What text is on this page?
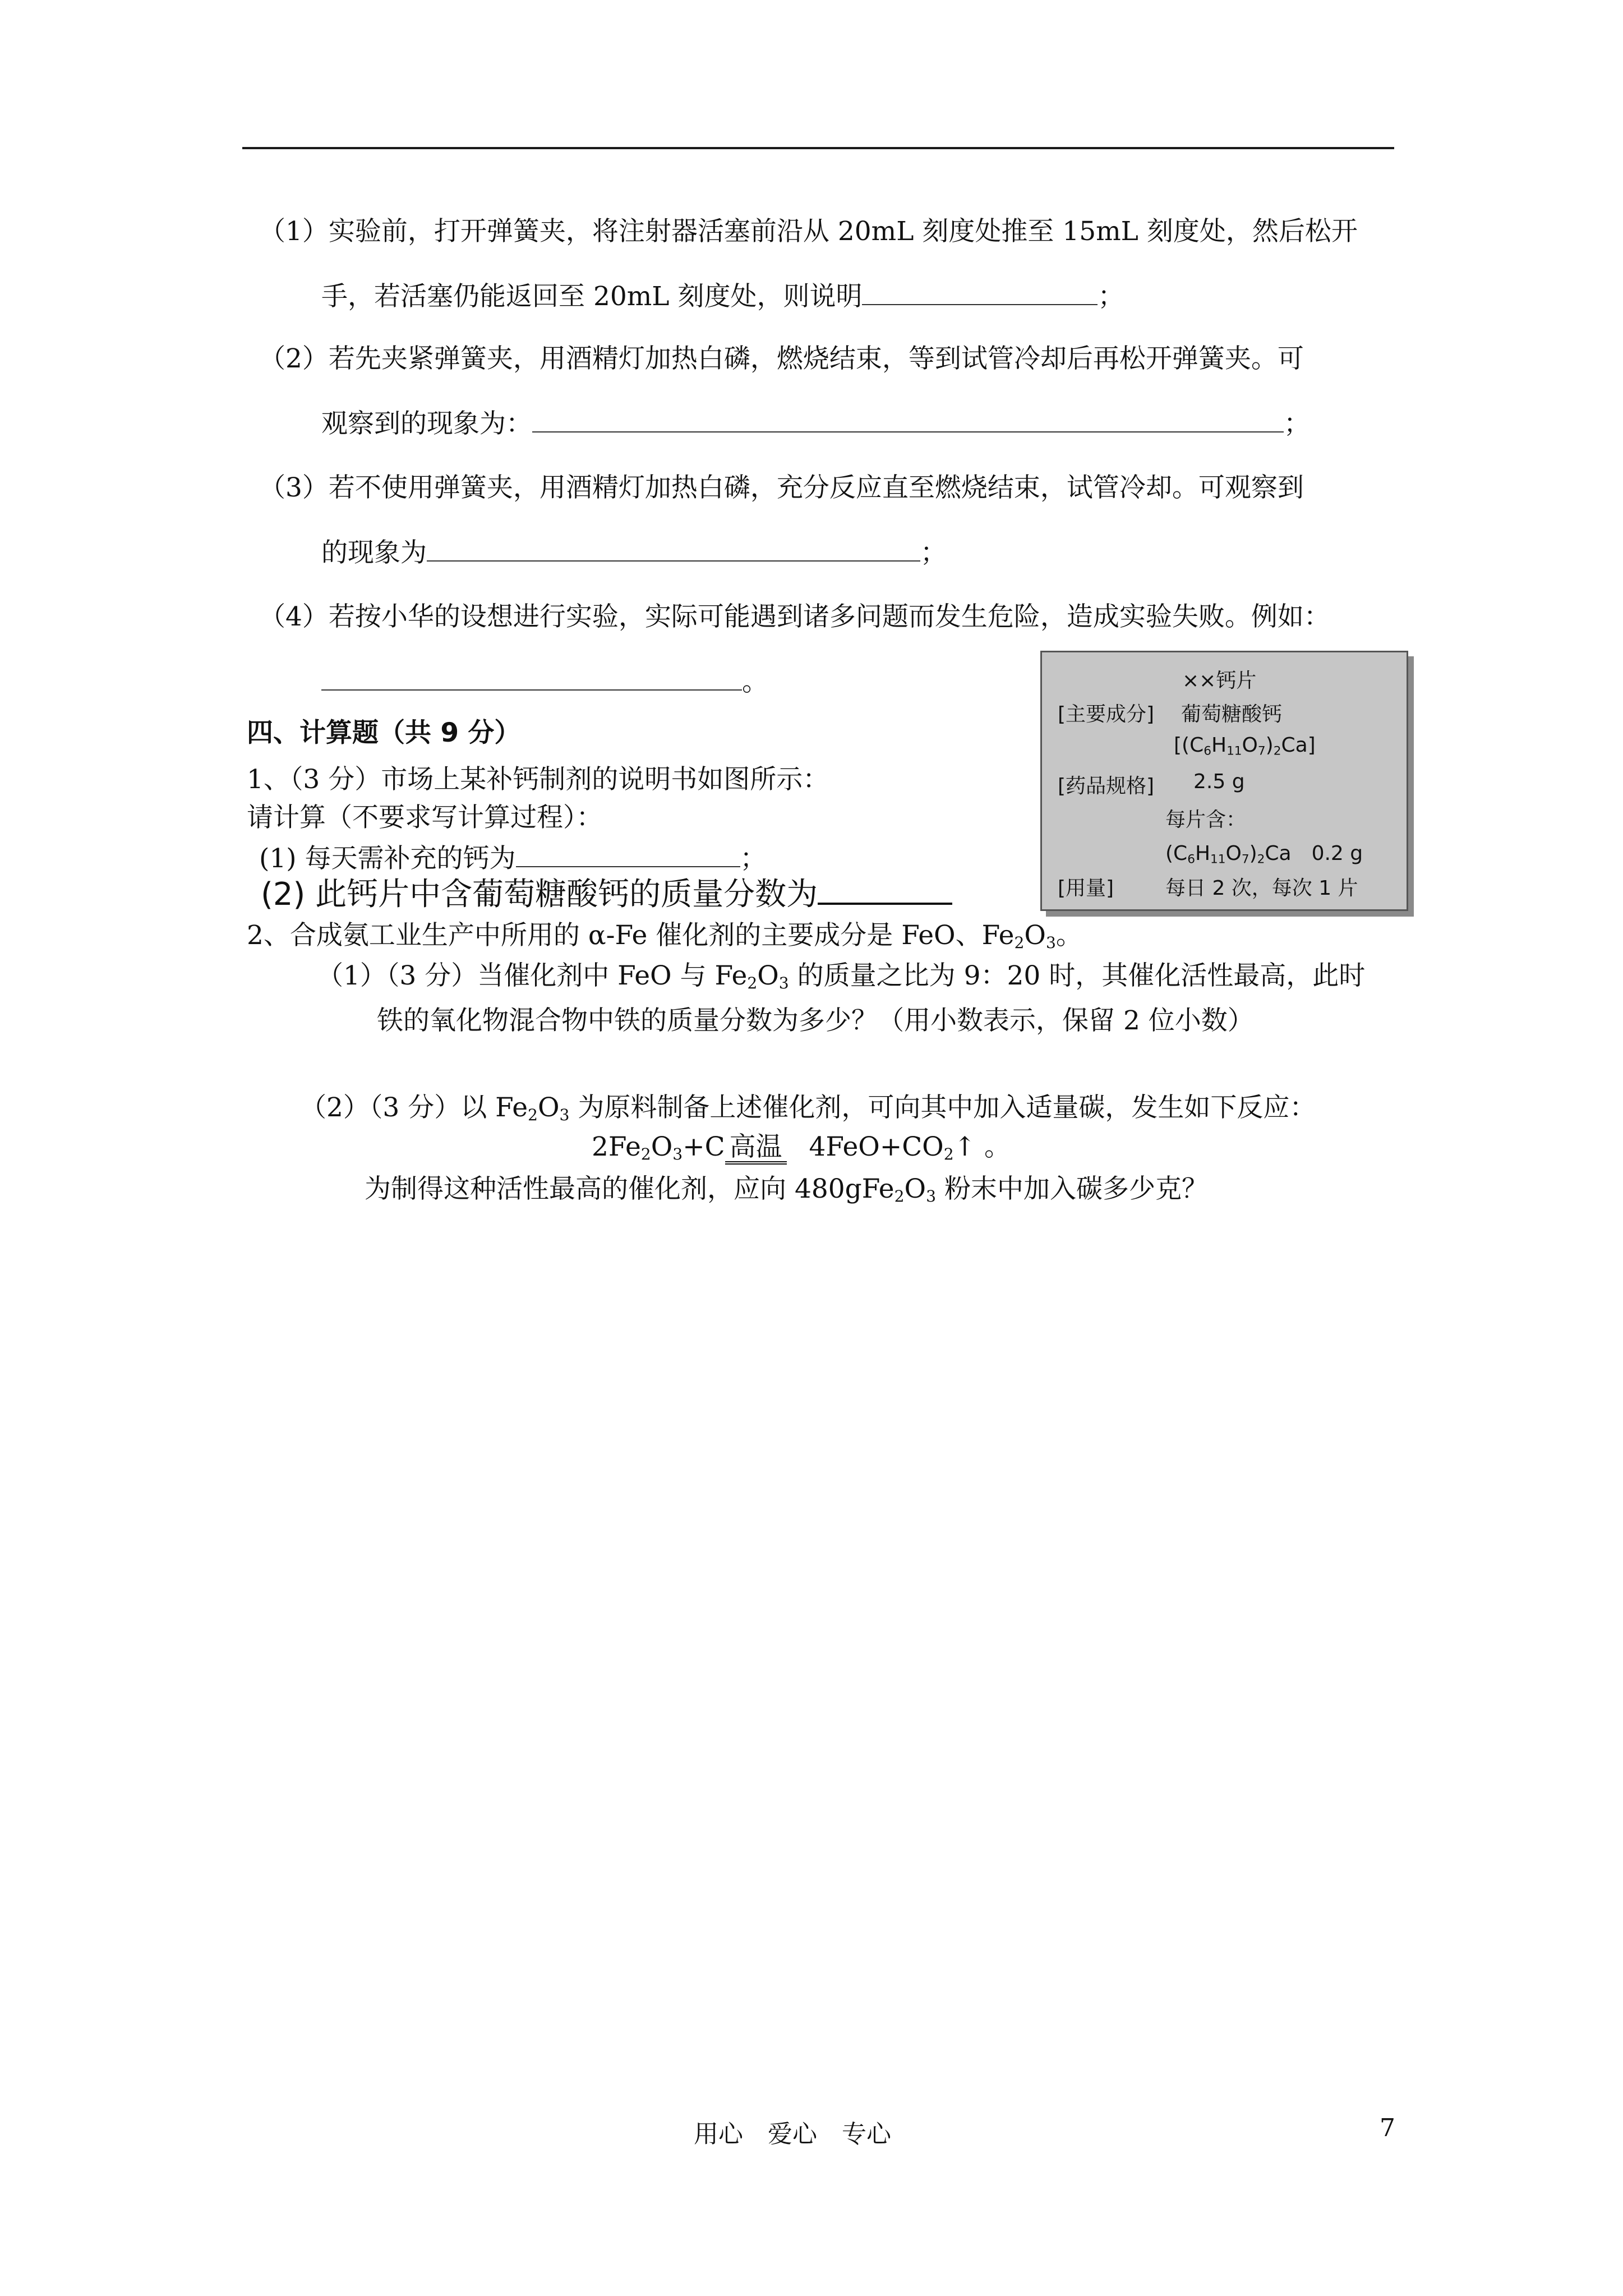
（1）实验前，打开弹簧夹，将注射器活塞前沿从 20mL 刻度处推至 15mL 刻度处，然后松开
手，若活塞仍能返回至 20mL 刻度处，则说明	；
（2）若先夹紧弹簧夹，用酒精灯加热白磷，燃烧结束，等到试管冷却后再松开弹簧夹。可
观察到的现象为：	；
（3）若不使用弹簧夹，用酒精灯加热白磷，充分反应直至燃烧结束，试管冷却。可观察到
的现象为	；
（4）若按小华的设想进行实验，实际可能遇到诸多问题而发生危险，造成实验失败。例如：
。
四、计算题（共 9 分）
1、（3 分）市场上某补钙制剂的说明书如图所示：
请计算（不要求写计算过程）：
(1) 每天需补充的钙为	；
(2) 此钙片中含葡萄糖酸钙的质量分数为
2、合成氨工业生产中所用的 α-Fe 催化剂的主要成分是 FeO、$Fe_2O_3$。
（1）（3 分）当催化剂中 FeO 与 $Fe_2O_3$ 的质量之比为 9：20 时，其催化活性最高，此时
铁的氧化物混合物中铁的质量分数为多少？（用小数表示，保留 2 位小数）
（2）（3 分）以 $Fe_2O_3$ 为原料制备上述催化剂，可向其中加入适量碳，发生如下反应：
$2Fe_2O_3+C$ 高温 $4FeO+CO_2↑$ 。
为制得这种活性最高的催化剂，应向 $480gFe_2O_3$ 粉末中加入碳多少克？
××钙片
[主要成分] 葡萄糖酸钙
$[(C_6H_{11}O_7)_2Ca]$
[药品规格] 2.5 g
每片含：
$(C_6H_{11}O_7)_2Ca$　0.2 g
[用量]	每日 2 次，每次 1 片
用心　爱心　专心	7
